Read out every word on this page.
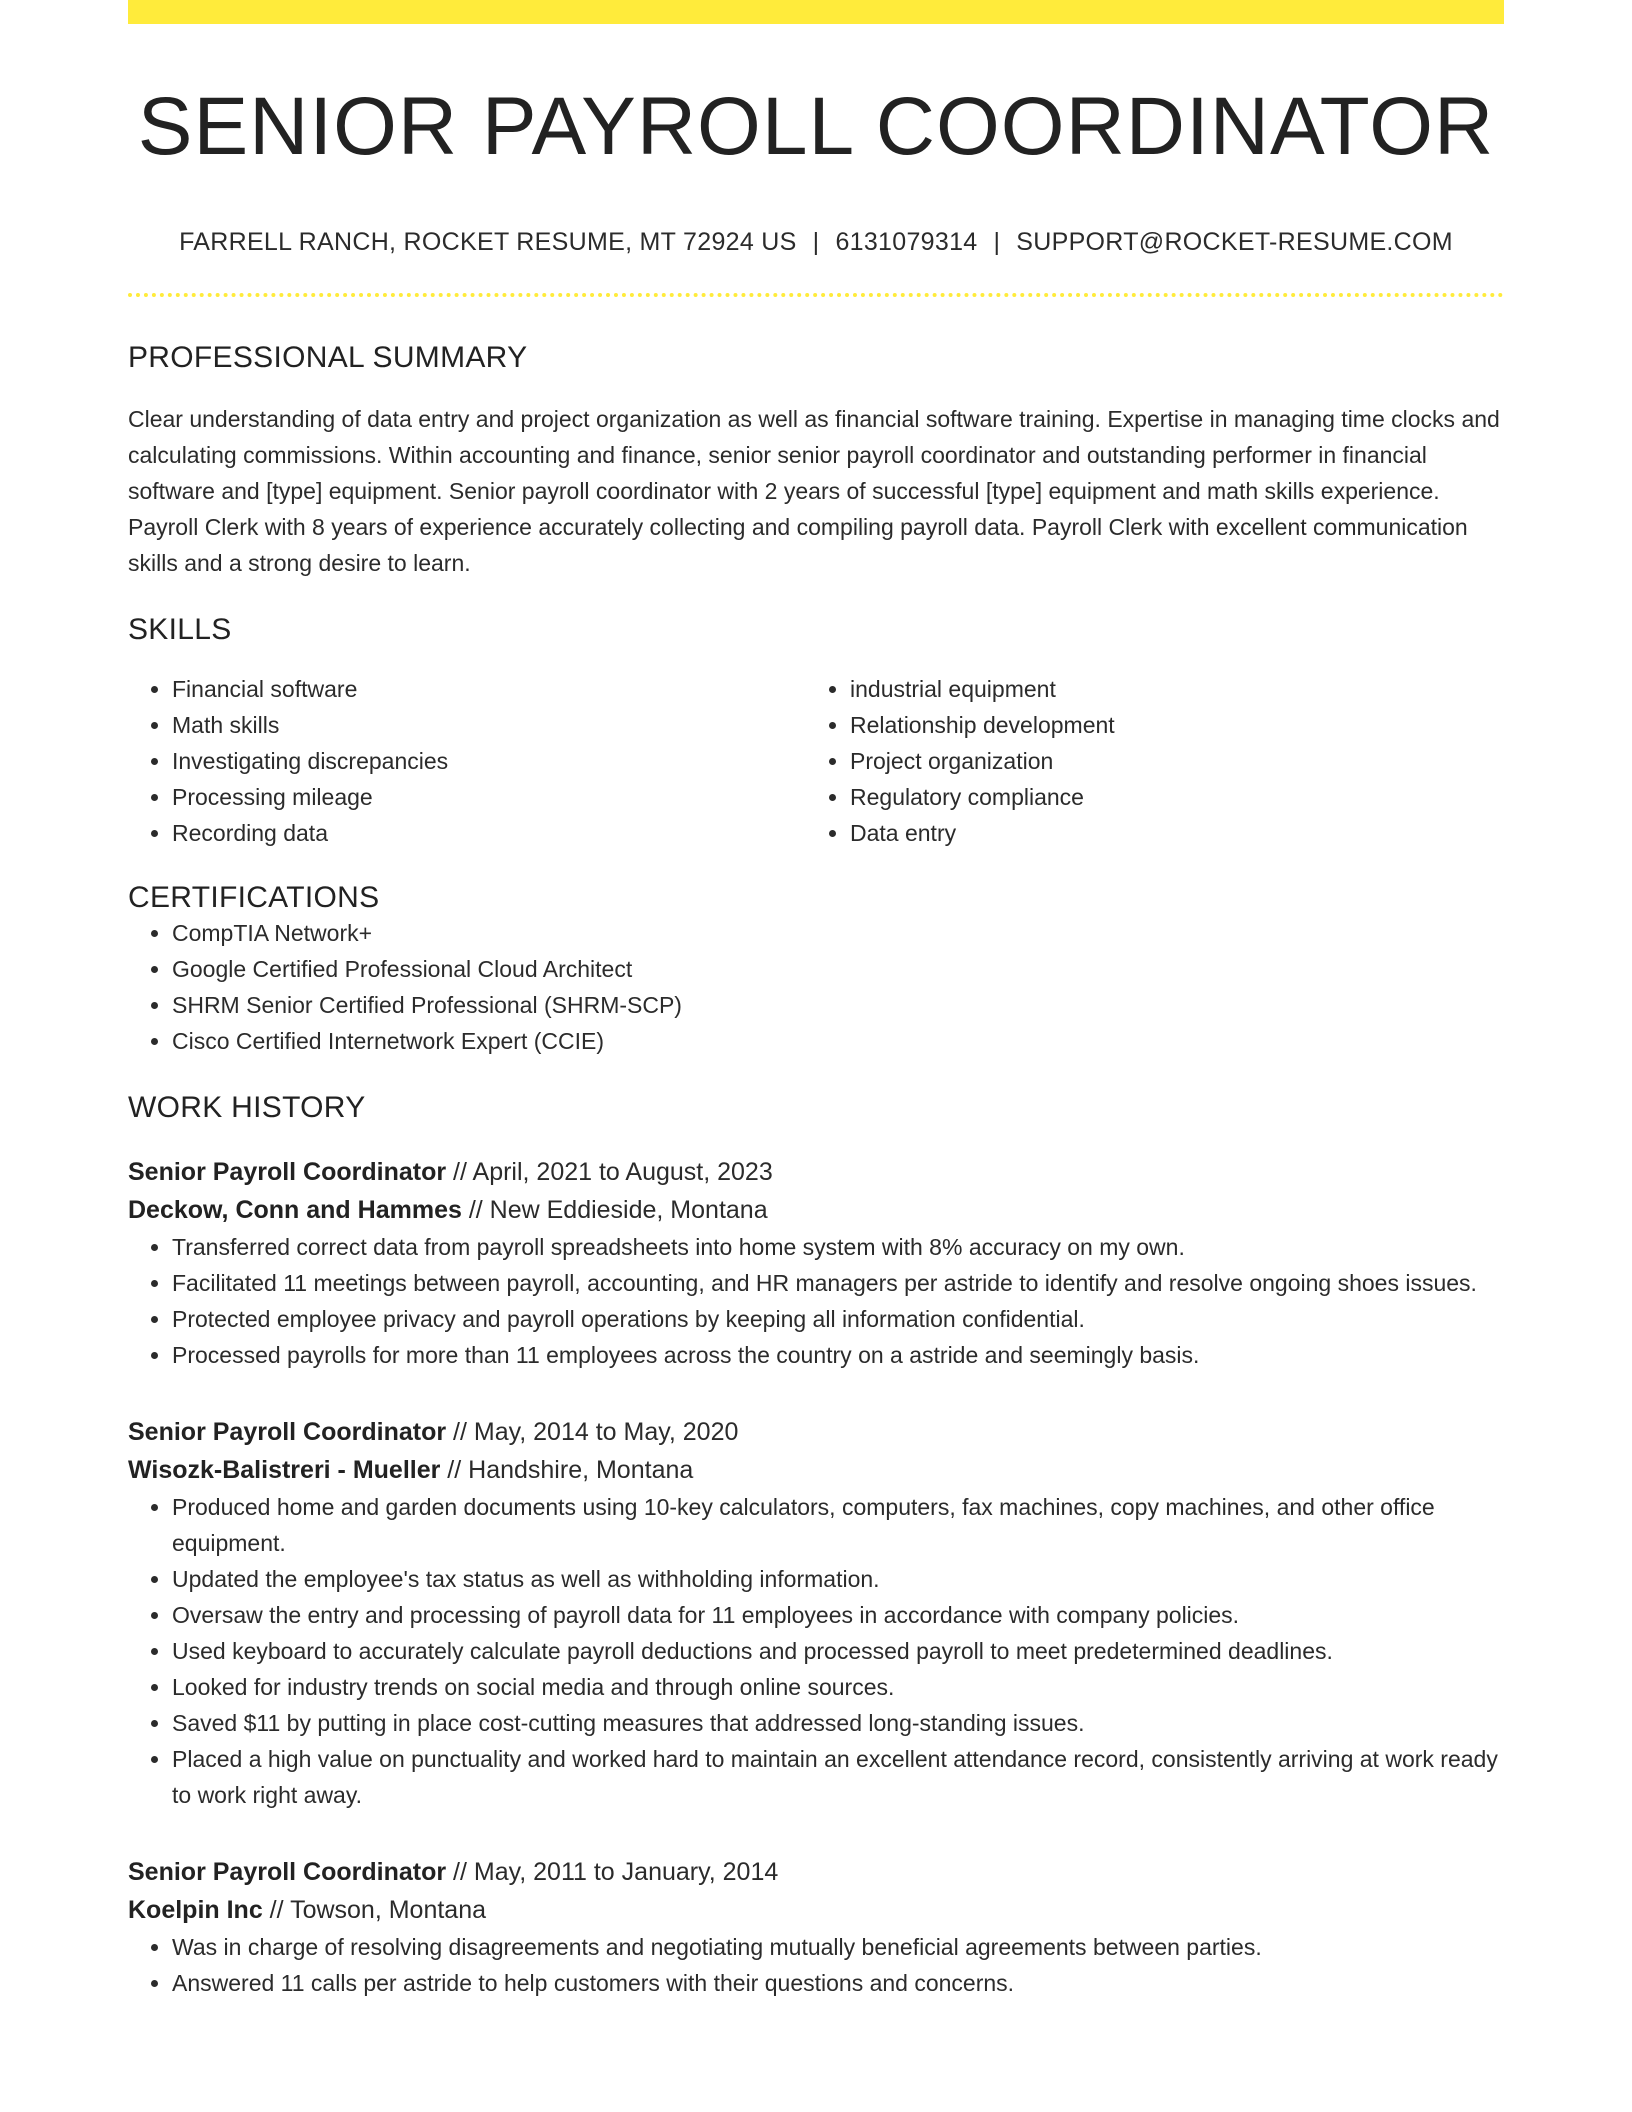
SENIOR PAYROLL COORDINATOR
FARRELL RANCH, ROCKET RESUME, MT 72924 US | 6131079314 | SUPPORT@ROCKET-RESUME.COM
PROFESSIONAL SUMMARY

Clear understanding of data entry and project organization as well as financial software training. Expertise in managing time clocks and calculating commissions. Within accounting and finance, senior senior payroll coordinator and outstanding performer in financial software and [type] equipment. Senior payroll coordinator with 2 years of successful [type] equipment and math skills experience. Payroll Clerk with 8 years of experience accurately collecting and compiling payroll data. Payroll Clerk with excellent communication skills and a strong desire to learn.

SKILLS
• Financial software
• Math skills
• Investigating discrepancies
• Processing mileage
• Recording data
• industrial equipment
• Relationship development
• Project organization
• Regulatory compliance
• Data entry
CERTIFICATIONS
• CompTIA Network+
• Google Certified Professional Cloud Architect
• SHRM Senior Certified Professional (SHRM-SCP)
• Cisco Certified Internetwork Expert (CCIE)
WORK HISTORY
Senior Payroll Coordinator // April, 2021 to August, 2023
Deckow, Conn and Hammes // New Eddieside, Montana
• Transferred correct data from payroll spreadsheets into home system with 8% accuracy on my own.
• Facilitated 11 meetings between payroll, accounting, and HR managers per astride to identify and resolve ongoing shoes issues.
• Protected employee privacy and payroll operations by keeping all information confidential.
• Processed payrolls for more than 11 employees across the country on a astride and seemingly basis.
Senior Payroll Coordinator // May, 2014 to May, 2020
Wisozk-Balistreri - Mueller // Handshire, Montana
• Produced home and garden documents using 10-key calculators, computers, fax machines, copy machines, and other office equipment.
• Updated the employee's tax status as well as withholding information.
• Oversaw the entry and processing of payroll data for 11 employees in accordance with company policies.
• Used keyboard to accurately calculate payroll deductions and processed payroll to meet predetermined deadlines.
• Looked for industry trends on social media and through online sources.
• Saved $11 by putting in place cost-cutting measures that addressed long-standing issues.
• Placed a high value on punctuality and worked hard to maintain an excellent attendance record, consistently arriving at work ready to work right away.
Senior Payroll Coordinator // May, 2011 to January, 2014
Koelpin Inc // Towson, Montana
• Was in charge of resolving disagreements and negotiating mutually beneficial agreements between parties.
• Answered 11 calls per astride to help customers with their questions and concerns.
